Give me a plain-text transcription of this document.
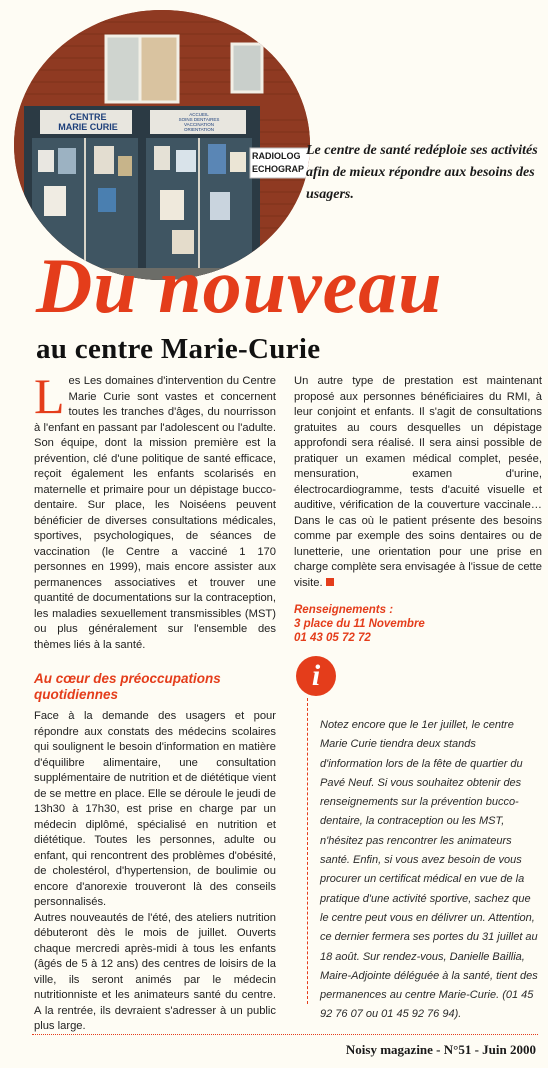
CENTRE
MARIE CURIE
ACCUEIL
SOINS DENTAIRES
VACCINATION
ORIENTATION
RADIOLOG
ECHOGRAP
Le centre de santé redéploie ses activités afin de mieux répondre aux besoins des usagers.
Du nouveau
au centre Marie-Curie

Les Les domaines d'intervention du Centre Marie Curie sont vastes et concernent toutes les tranches d'âges, du nourrisson à l'enfant en passant par l'adolescent ou l'adulte. Son équipe, dont la mission première est la prévention, clé d'une politique de santé efficace, reçoit également les enfants scolarisés en maternelle et primaire pour un dépistage bucco-dentaire. Sur place, les Noiséens peuvent bénéficier de diverses consultations médicales, sportives, psychologiques, de séances de vaccination (le Centre a vacciné 1 170 personnes en 1999), mais encore assister aux permanences associatives et trouver une quantité de documentations sur la contraception, les maladies sexuellement transmissibles (MST) ou plus généralement sur l'ensemble des thèmes liés à la santé.

Au cœur des préoccupations quotidiennes

Face à la demande des usagers et pour répondre aux constats des médecins scolaires qui soulignent le besoin d'information en matière d'équilibre alimentaire, une consultation supplémentaire de nutrition et de diététique vient de se mettre en place. Elle se déroule le jeudi de 13h30 à 17h30, est prise en charge par un médecin diplômé, spécialisé en nutrition et diététique. Toutes les personnes, adulte ou enfant, qui rencontrent des problèmes d'obésité, de cholestérol, d'hypertension, de boulimie ou encore d'anorexie trouveront là des conseils personnalisés.

Autres nouveautés de l'été, des ateliers nutrition débuteront dès le mois de juillet. Ouverts chaque mercredi après-midi à tous les enfants (âgés de 5 à 12 ans) des centres de loisirs de la ville, ils seront animés par le médecin nutritionniste et les animateurs santé du centre. A la rentrée, ils devraient s'adresser à un public plus large.

Un autre type de prestation est maintenant proposé aux personnes bénéficiaires du RMI, à leur conjoint et enfants. Il s'agit de consultations gratuites au cours desquelles un dépistage approfondi sera réalisé. Il sera ainsi possible de pratiquer un examen médical complet, pesée, mensuration, examen d'urine, électrocardiogramme, tests d'acuité visuelle et auditive, vérification de la couverture vaccinale… Dans le cas où le patient présente des besoins comme par exemple des soins dentaires ou de lunetterie, une orientation pour une prise en charge complète sera envisagée à l'issue de cette visite.

Renseignements :
3 place du 11 Novembre
01 43 05 72 72
i
Notez encore que le 1er juillet, le centre Marie Curie tiendra deux stands d'information lors de la fête de quartier du Pavé Neuf. Si vous souhaitez obtenir des renseignements sur la prévention bucco-dentaire, la contraception ou les MST, n'hésitez pas rencontrer les animateurs santé. Enfin, si vous avez besoin de vous procurer un certificat médical en vue de la pratique d'une activité sportive, sachez que le centre peut vous en délivrer un. Attention, ce dernier fermera ses portes du 31 juillet au 18 août. Sur rendez-vous, Danielle Baillia, Maire-Adjointe déléguée à la santé, tient des permanences au centre Marie-Curie. (01 45 92 76 07 ou 01 45 92 76 94).
Noisy magazine - N°51 - Juin 2000
